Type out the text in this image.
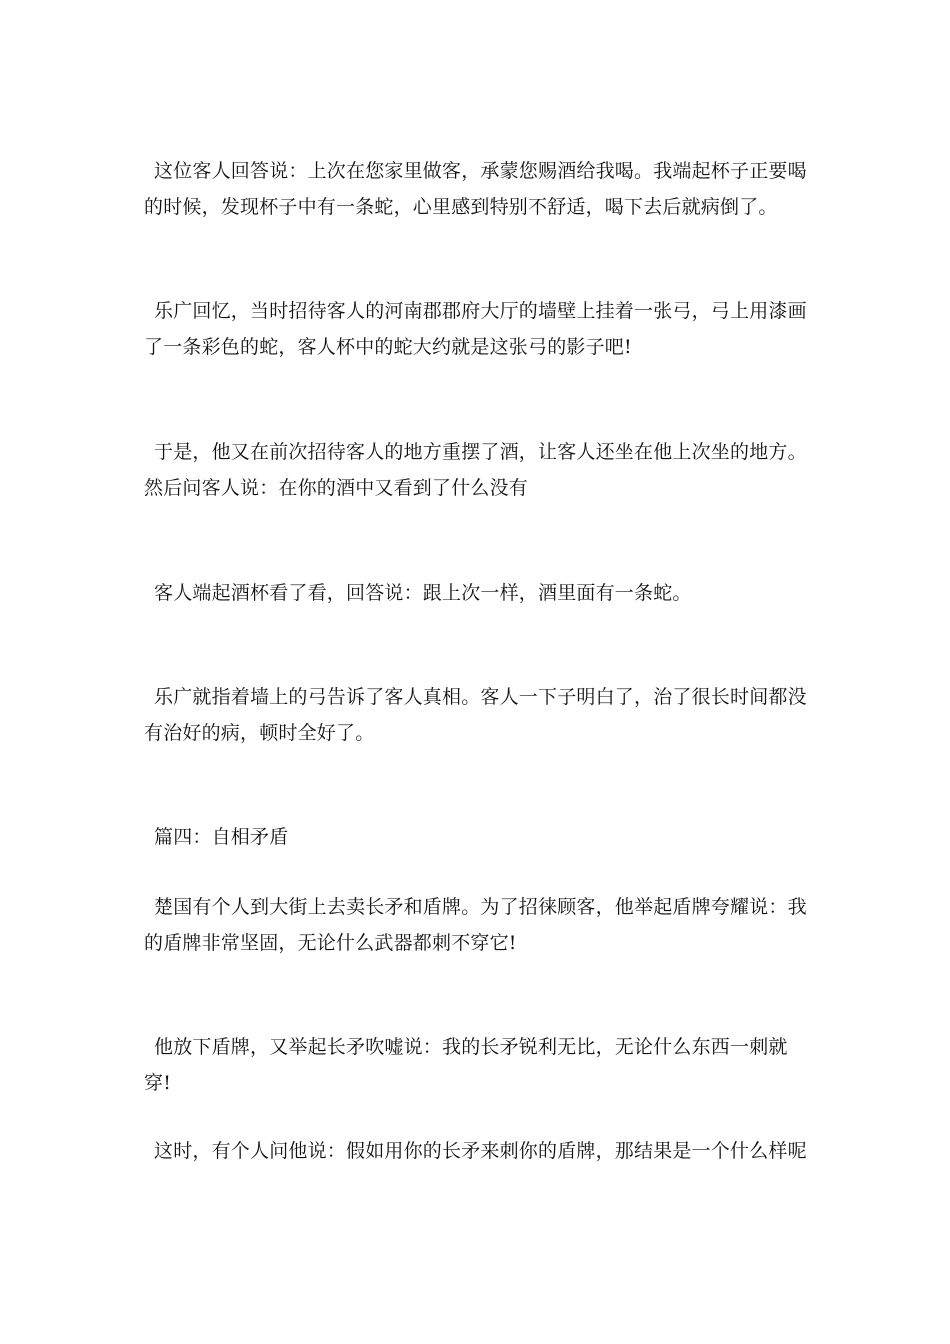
这位客人回答说：上次在您家里做客，承蒙您赐酒给我喝。我端起杯子正要喝的时候，发现杯子中有一条蛇，心里感到特别不舒适，喝下去后就病倒了。

乐广回忆，当时招待客人的河南郡郡府大厅的墙壁上挂着一张弓，弓上用漆画了一条彩色的蛇，客人杯中的蛇大约就是这张弓的影子吧!

于是，他又在前次招待客人的地方重摆了酒，让客人还坐在他上次坐的地方。然后问客人说：在你的酒中又看到了什么没有

客人端起酒杯看了看，回答说：跟上次一样，酒里面有一条蛇。

乐广就指着墙上的弓告诉了客人真相。客人一下子明白了，治了很长时间都没有治好的病，顿时全好了。

篇四：自相矛盾

楚国有个人到大街上去卖长矛和盾牌。为了招徕顾客，他举起盾牌夸耀说：我的盾牌非常坚固，无论什么武器都刺不穿它!

他放下盾牌，又举起长矛吹嘘说：我的长矛锐利无比，无论什么东西一刺就穿!

这时，有个人问他说：假如用你的长矛来刺你的盾牌，那结果是一个什么样呢
